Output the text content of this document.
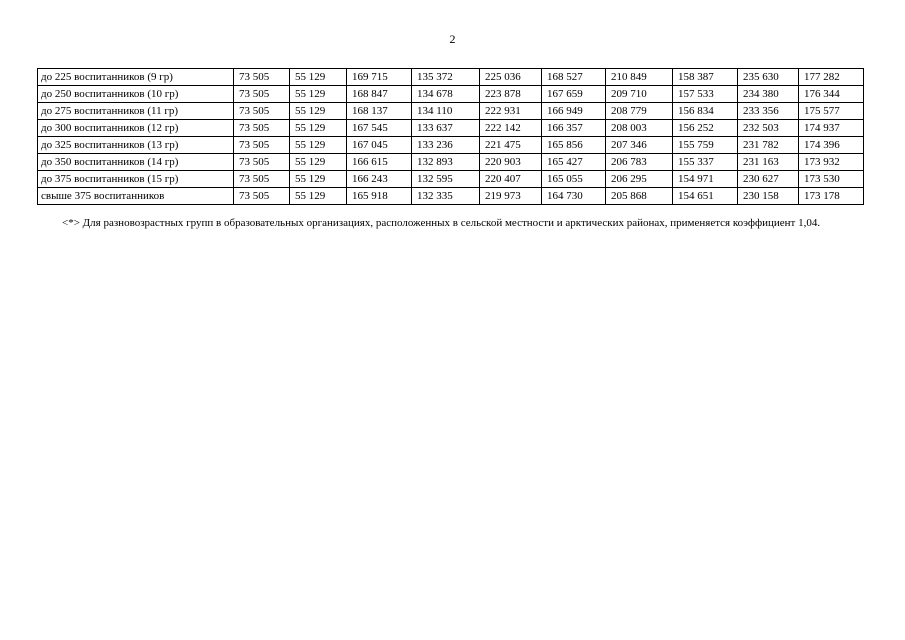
2
до 225 воспитанников (9 гр)	73 505	55 129	169 715	135 372	225 036	168 527	210 849	158 387	235 630	177 282
до 250 воспитанников (10 гр)	73 505	55 129	168 847	134 678	223 878	167 659	209 710	157 533	234 380	176 344
до 275 воспитанников (11 гр)	73 505	55 129	168 137	134 110	222 931	166 949	208 779	156 834	233 356	175 577
до 300 воспитанников (12 гр)	73 505	55 129	167 545	133 637	222 142	166 357	208 003	156 252	232 503	174 937
до 325 воспитанников (13 гр)	73 505	55 129	167 045	133 236	221 475	165 856	207 346	155 759	231 782	174 396
до 350 воспитанников (14 гр)	73 505	55 129	166 615	132 893	220 903	165 427	206 783	155 337	231 163	173 932
до 375 воспитанников (15 гр)	73 505	55 129	166 243	132 595	220 407	165 055	206 295	154 971	230 627	173 530
свыше 375 воспитанников	73 505	55 129	165 918	132 335	219 973	164 730	205 868	154 651	230 158	173 178
<*> Для разновозрастных групп в образовательных организациях, расположенных в сельской местности и арктических районах, применяется коэффициент 1,04.
